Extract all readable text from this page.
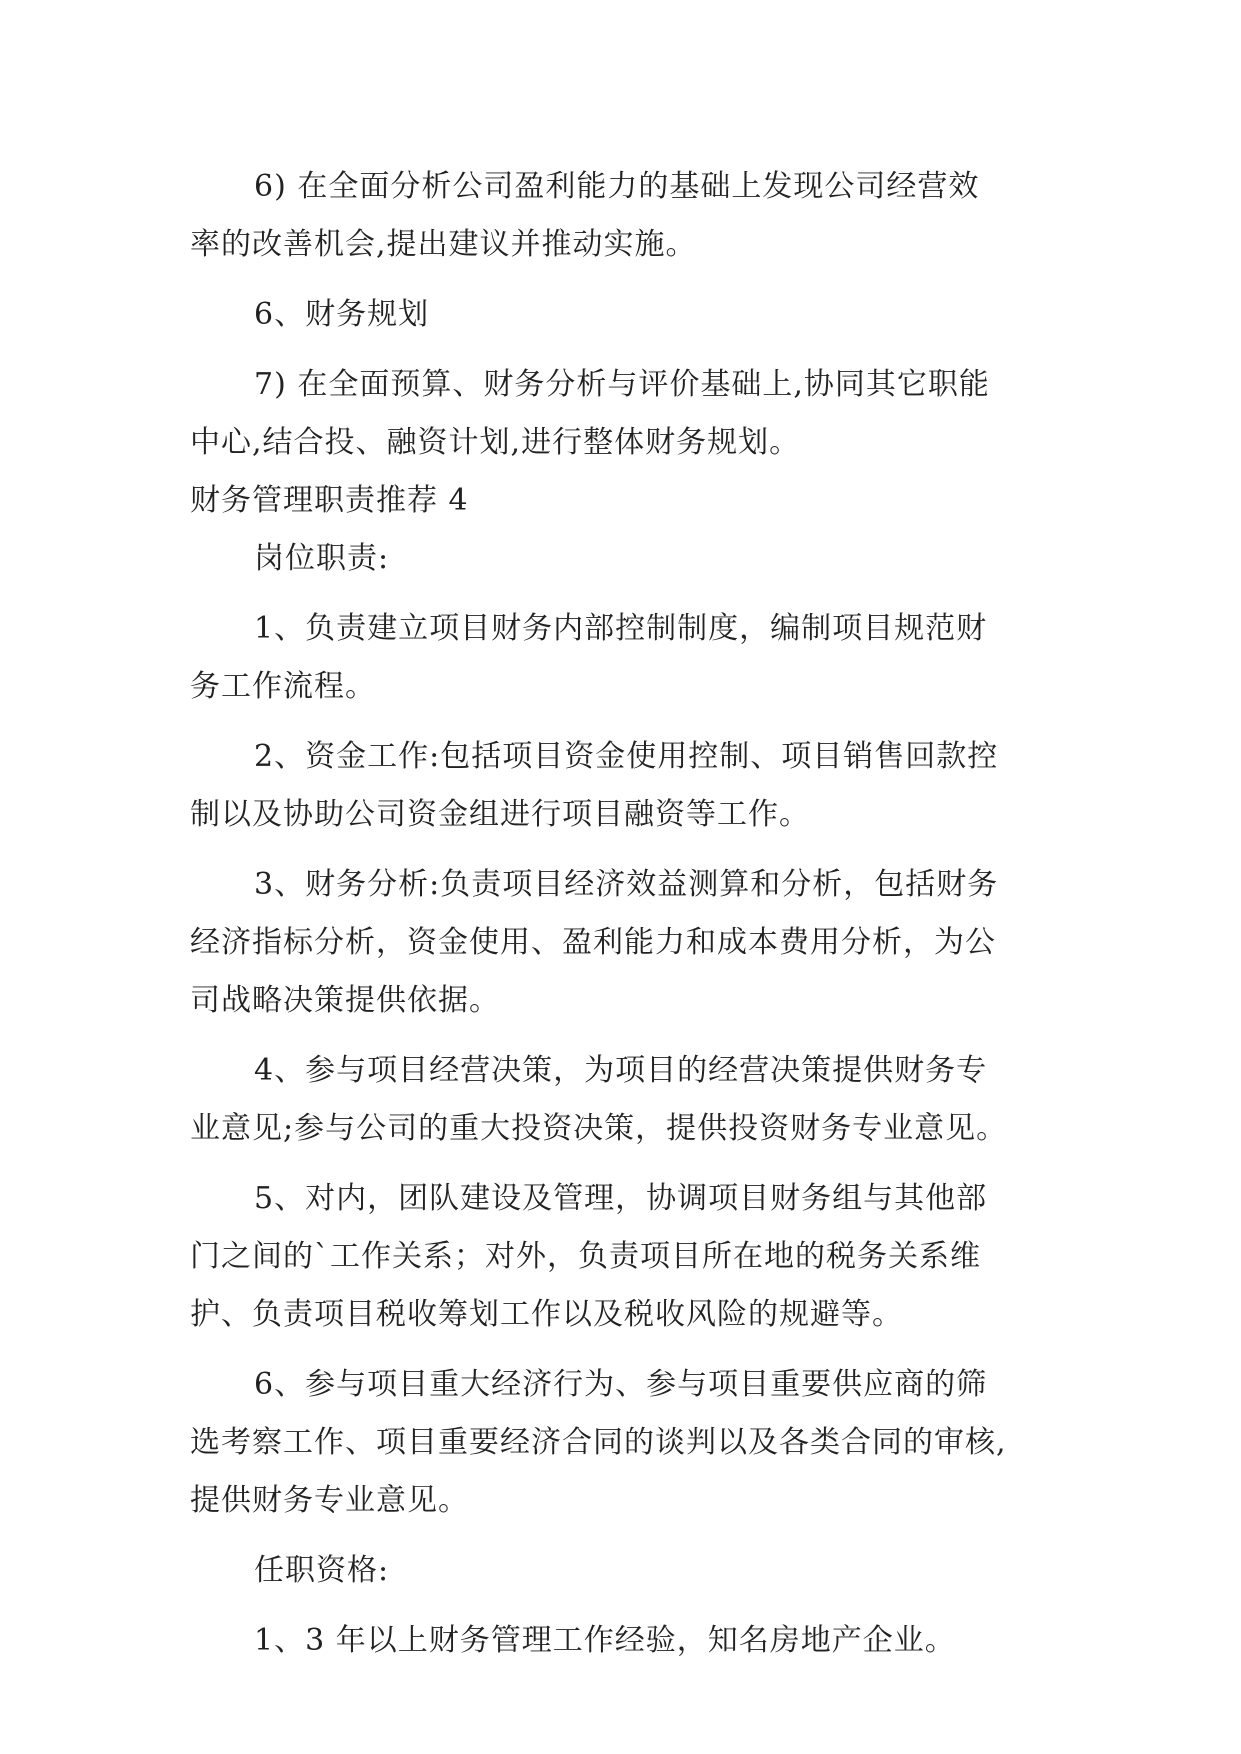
6) 在全面分析公司盈利能力的基础上发现公司经营效
率的改善机会,提出建议并推动实施。
6、财务规划
7) 在全面预算、财务分析与评价基础上,协同其它职能
中心,结合投、融资计划,进行整体财务规划。
财务管理职责推荐 4
岗位职责:
1、负责建立项目财务内部控制制度，编制项目规范财
务工作流程。
2、资金工作:包括项目资金使用控制、项目销售回款控
制以及协助公司资金组进行项目融资等工作。
3、财务分析:负责项目经济效益测算和分析，包括财务
经济指标分析，资金使用、盈利能力和成本费用分析，为公
司战略决策提供依据。
4、参与项目经营决策，为项目的经营决策提供财务专
业意见;参与公司的重大投资决策，提供投资财务专业意见。
5、对内，团队建设及管理，协调项目财务组与其他部
门之间的`工作关系；对外，负责项目所在地的税务关系维
护、负责项目税收筹划工作以及税收风险的规避等。
6、参与项目重大经济行为、参与项目重要供应商的筛
选考察工作、项目重要经济合同的谈判以及各类合同的审核,
提供财务专业意见。
任职资格:
1、3 年以上财务管理工作经验，知名房地产企业。
